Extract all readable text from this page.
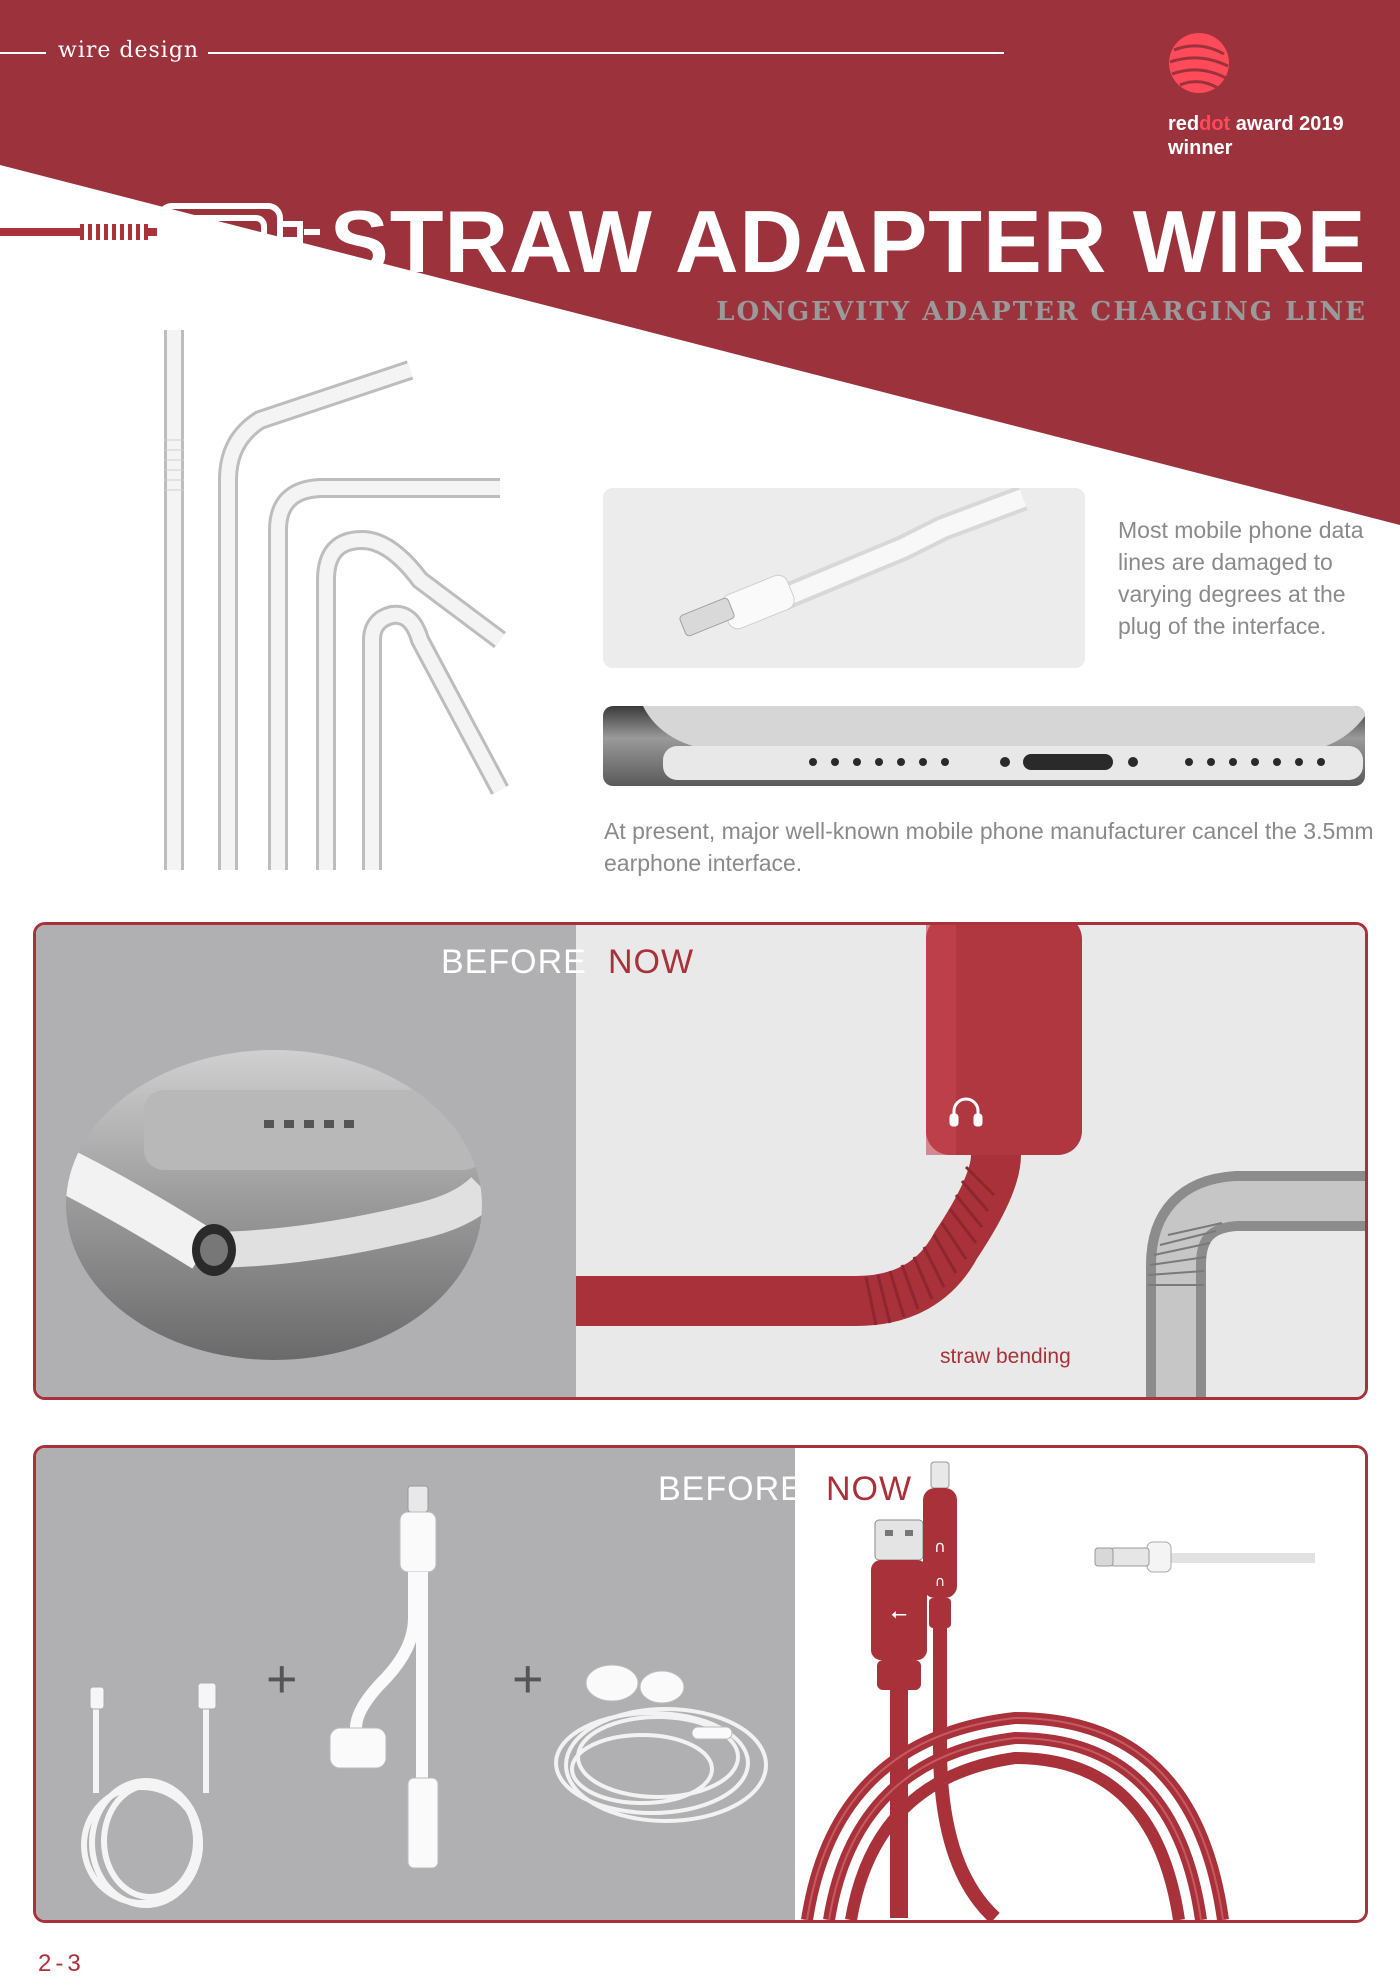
wire design
reddot award 2019
winner
STRAW ADAPTER WIRE
LONGEVITY ADAPTER CHARGING LINE
Most mobile phone data lines are damaged to varying degrees at the plug of the interface.
At present, major well-known mobile phone manufacturer cancel the 3.5mm earphone interface.
BEFORE NOW
straw bending
BEFORE NOW
+	+
⭠
∩
∩
2-3
